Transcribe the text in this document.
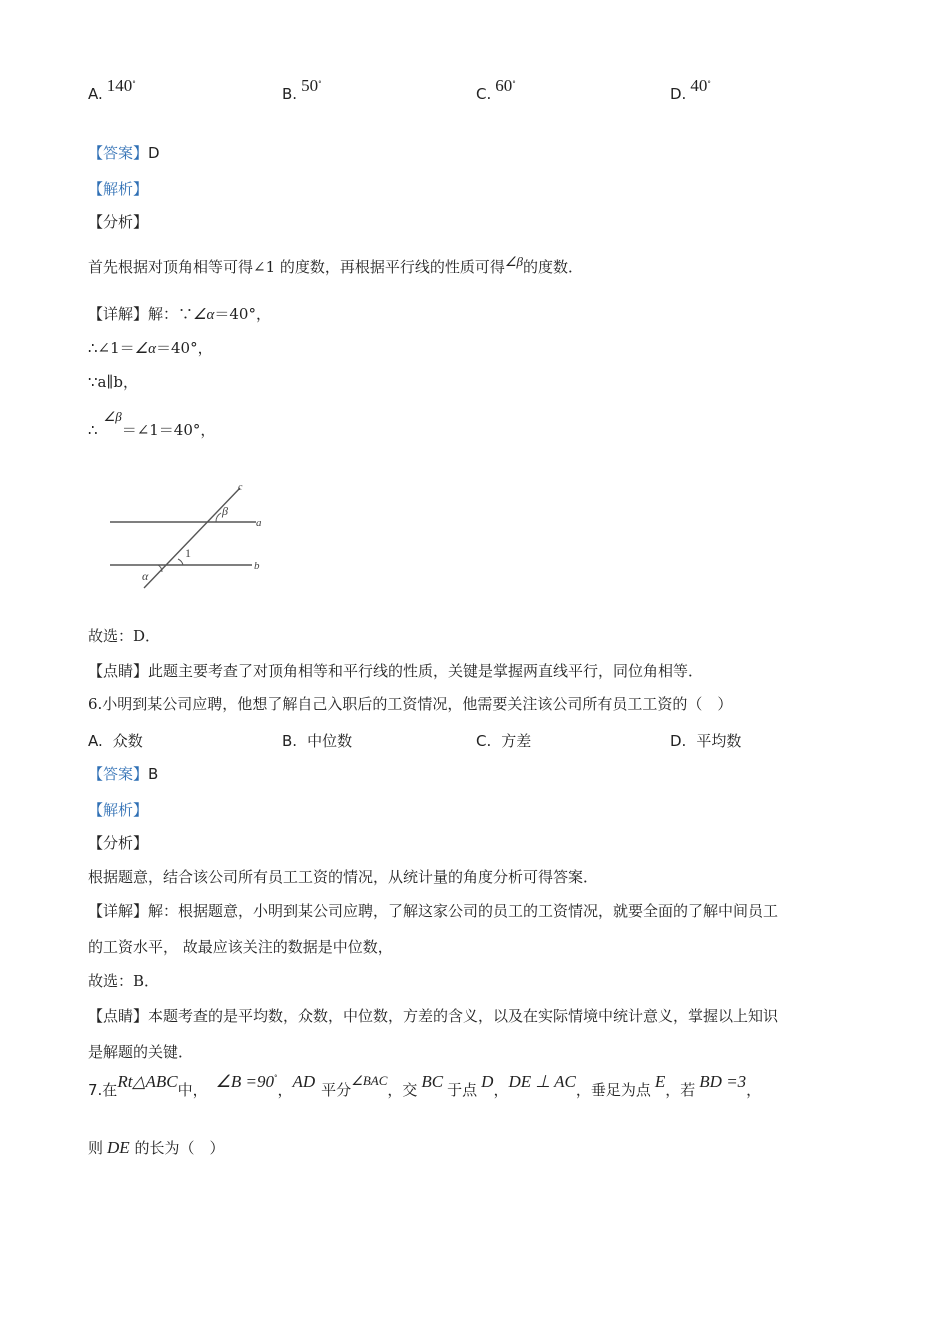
A. 140°
B. 50°
C. 60°
D. 40°
【答案】D
【解析】
【分析】
首先根据对顶角相等可得∠1 的度数，再根据平行线的性质可得∠β的度数．
【详解】解：∵∠α＝40°，
∴∠1＝∠α＝40°，
∵a∥b，
∴∠β＝∠1＝40°，
c
β
a
1
α
b
故选：D．
【点睛】此题主要考查了对顶角相等和平行线的性质，关键是掌握两直线平行，同位角相等．
6.小明到某公司应聘，他想了解自己入职后的工资情况，他需要关注该公司所有员工工资的（　）
A. 众数	B. 中位数	C. 方差	D. 平均数
【答案】B
【解析】
【分析】
根据题意，结合该公司所有员工工资的情况，从统计量的角度分析可得答案．
【详解】解：根据题意，小明到某公司应聘，了解这家公司的员工的工资情况，就要全面的了解中间员工
的工资水平， 故最应该关注的数据是中位数，
故选：B．
【点睛】本题考查的是平均数，众数，中位数，方差的含义，以及在实际情境中统计意义，掌握以上知识
是解题的关键．
7.在Rt△ABC中， ∠B =90°，AD 平分∠BAC，交 BC 于点 D，DE ⊥ AC，垂足为点 E，若 BD =3，
则 DE 的长为（　）
